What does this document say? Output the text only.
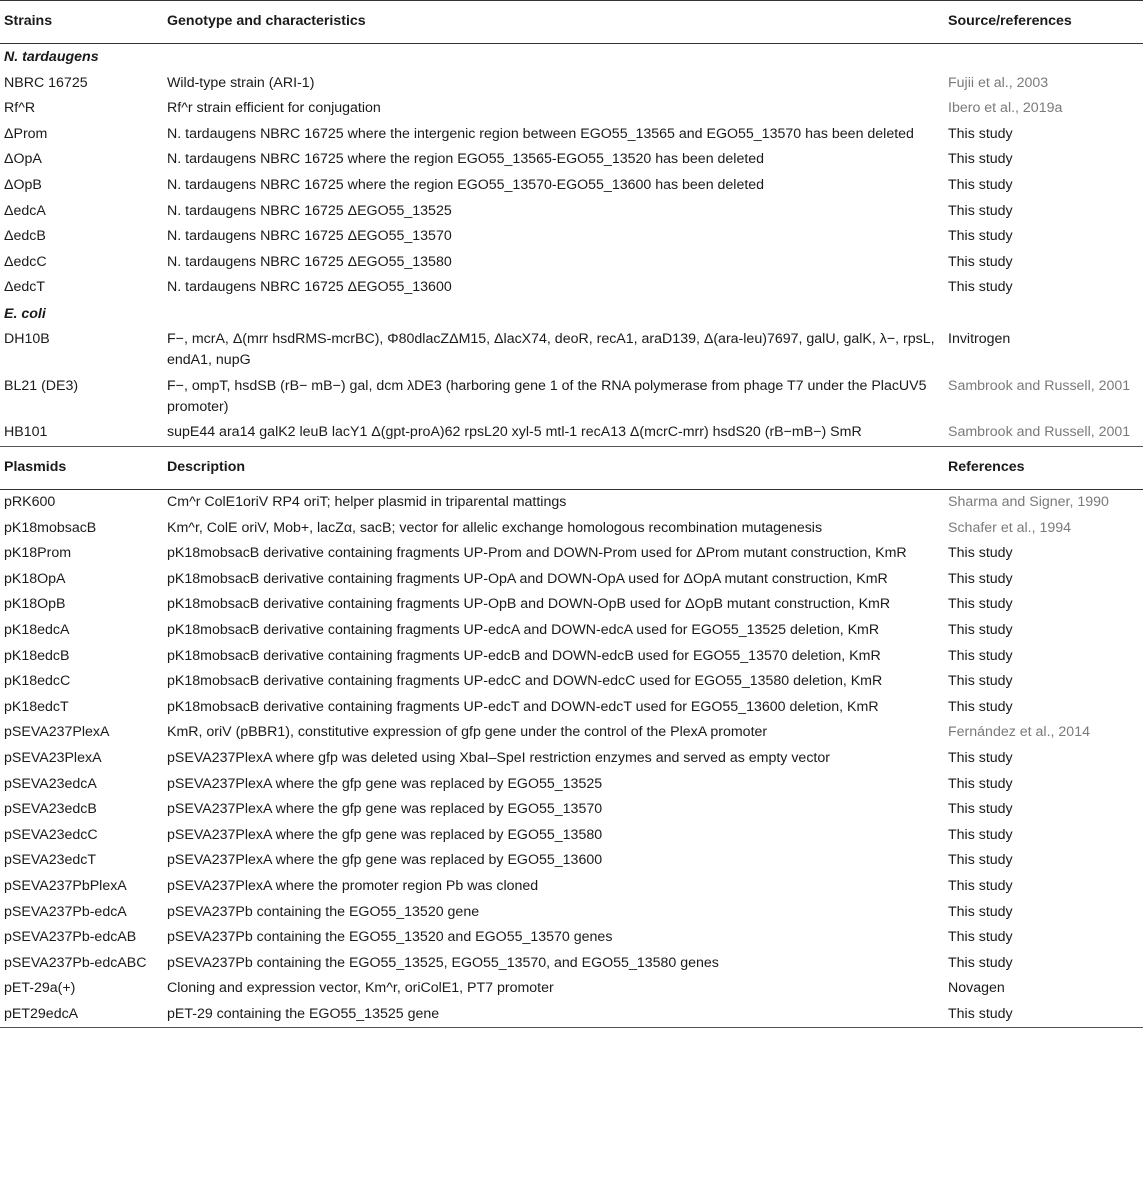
Strains	Genotype and characteristics	Source/references
N. tardaugens		
NBRC 16725	Wild-type strain (ARI-1)	Fujii et al., 2003
Rf^R	Rf^r strain efficient for conjugation	Ibero et al., 2019a
ΔProm	N. tardaugens NBRC 16725 where the intergenic region between EGO55_13565 and EGO55_13570 has been deleted	This study
ΔOpA	N. tardaugens NBRC 16725 where the region EGO55_13565-EGO55_13520 has been deleted	This study
ΔOpB	N. tardaugens NBRC 16725 where the region EGO55_13570-EGO55_13600 has been deleted	This study
ΔedcA	N. tardaugens NBRC 16725 ΔEGO55_13525	This study
ΔedcB	N. tardaugens NBRC 16725 ΔEGO55_13570	This study
ΔedcC	N. tardaugens NBRC 16725 ΔEGO55_13580	This study
ΔedcT	N. tardaugens NBRC 16725 ΔEGO55_13600	This study
E. coli		
DH10B	F−, mcrA, Δ(mrr hsdRMS-mcrBC), Φ80dlacZΔM15, ΔlacX74, deoR, recA1, araD139, Δ(ara-leu)7697, galU, galK, λ−, rpsL, endA1, nupG	Invitrogen
BL21 (DE3)	F−, ompT, hsdSB (rB− mB−) gal, dcm λDE3 (harboring gene 1 of the RNA polymerase from phage T7 under the PlacUV5 promoter)	Sambrook and Russell, 2001
HB101	supE44 ara14 galK2 leuB lacY1 Δ(gpt-proA)62 rpsL20 xyl-5 mtl-1 recA13 Δ(mcrC-mrr) hsdS20 (rB−mB−) SmR	Sambrook and Russell, 2001
Plasmids	Description	References
pRK600	Cm^r ColE1oriV RP4 oriT; helper plasmid in triparental mattings	Sharma and Signer, 1990
pK18mobsacB	Km^r, ColE oriV, Mob+, lacZα, sacB; vector for allelic exchange homologous recombination mutagenesis	Schafer et al., 1994
pK18Prom	pK18mobsacB derivative containing fragments UP-Prom and DOWN-Prom used for ΔProm mutant construction, KmR	This study
pK18OpA	pK18mobsacB derivative containing fragments UP-OpA and DOWN-OpA used for ΔOpA mutant construction, KmR	This study
pK18OpB	pK18mobsacB derivative containing fragments UP-OpB and DOWN-OpB used for ΔOpB mutant construction, KmR	This study
pK18edcA	pK18mobsacB derivative containing fragments UP-edcA and DOWN-edcA used for EGO55_13525 deletion, KmR	This study
pK18edcB	pK18mobsacB derivative containing fragments UP-edcB and DOWN-edcB used for EGO55_13570 deletion, KmR	This study
pK18edcC	pK18mobsacB derivative containing fragments UP-edcC and DOWN-edcC used for EGO55_13580 deletion, KmR	This study
pK18edcT	pK18mobsacB derivative containing fragments UP-edcT and DOWN-edcT used for EGO55_13600 deletion, KmR	This study
pSEVA237PlexA	KmR, oriV (pBBR1), constitutive expression of gfp gene under the control of the PlexA promoter	Fernández et al., 2014
pSEVA23PlexA	pSEVA237PlexA where gfp was deleted using XbaI–SpeI restriction enzymes and served as empty vector	This study
pSEVA23edcA	pSEVA237PlexA where the gfp gene was replaced by EGO55_13525	This study
pSEVA23edcB	pSEVA237PlexA where the gfp gene was replaced by EGO55_13570	This study
pSEVA23edcC	pSEVA237PlexA where the gfp gene was replaced by EGO55_13580	This study
pSEVA23edcT	pSEVA237PlexA where the gfp gene was replaced by EGO55_13600	This study
pSEVA237PbPlexA	pSEVA237PlexA where the promoter region Pb was cloned	This study
pSEVA237Pb-edcA	pSEVA237Pb containing the EGO55_13520 gene	This study
pSEVA237Pb-edcAB	pSEVA237Pb containing the EGO55_13520 and EGO55_13570 genes	This study
pSEVA237Pb-edcABC	pSEVA237Pb containing the EGO55_13525, EGO55_13570, and EGO55_13580 genes	This study
pET-29a(+)	Cloning and expression vector, Km^r, oriColE1, PT7 promoter	Novagen
pET29edcA	pET-29 containing the EGO55_13525 gene	This study
